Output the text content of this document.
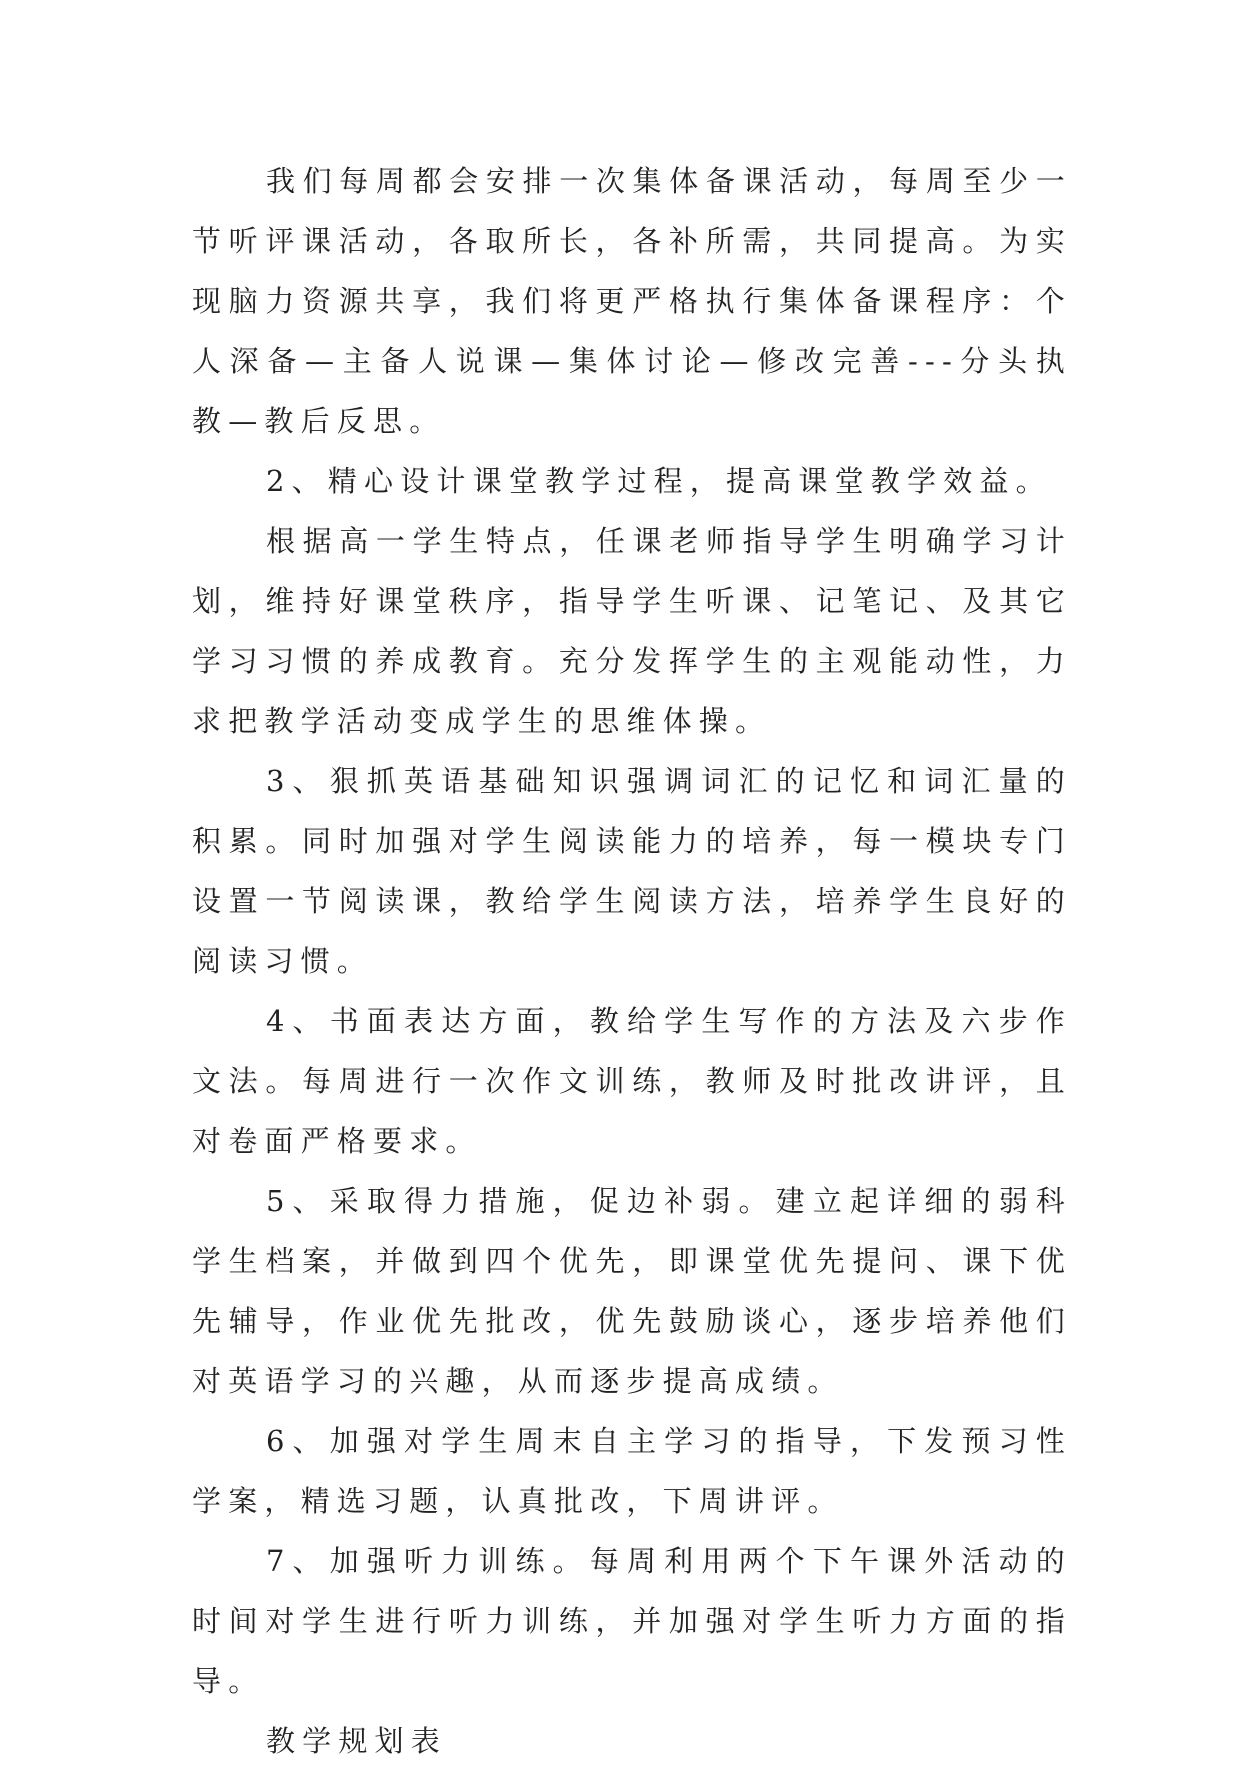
我们每周都会安排一次集体备课活动，每周至少一节听评课活动，各取所长，各补所需，共同提高。为实现脑力资源共享，我们将更严格执行集体备课程序：个人深备—主备人说课—集体讨论—修改完善---分头执教—教后反思。

2、精心设计课堂教学过程，提高课堂教学效益。

根据高一学生特点，任课老师指导学生明确学习计划，维持好课堂秩序，指导学生听课、记笔记、及其它学习习惯的养成教育。充分发挥学生的主观能动性，力求把教学活动变成学生的思维体操。

3、狠抓英语基础知识强调词汇的记忆和词汇量的积累。同时加强对学生阅读能力的培养，每一模块专门设置一节阅读课，教给学生阅读方法，培养学生良好的阅读习惯。

4、书面表达方面，教给学生写作的方法及六步作文法。每周进行一次作文训练，教师及时批改讲评，且对卷面严格要求。

5、采取得力措施，促边补弱。建立起详细的弱科学生档案，并做到四个优先，即课堂优先提问、课下优先辅导，作业优先批改，优先鼓励谈心，逐步培养他们对英语学习的兴趣，从而逐步提高成绩。

6、加强对学生周末自主学习的指导，下发预习性学案，精选习题，认真批改，下周讲评。

7、加强听力训练。每周利用两个下午课外活动的时间对学生进行听力训练，并加强对学生听力方面的指导。

教学规划表
